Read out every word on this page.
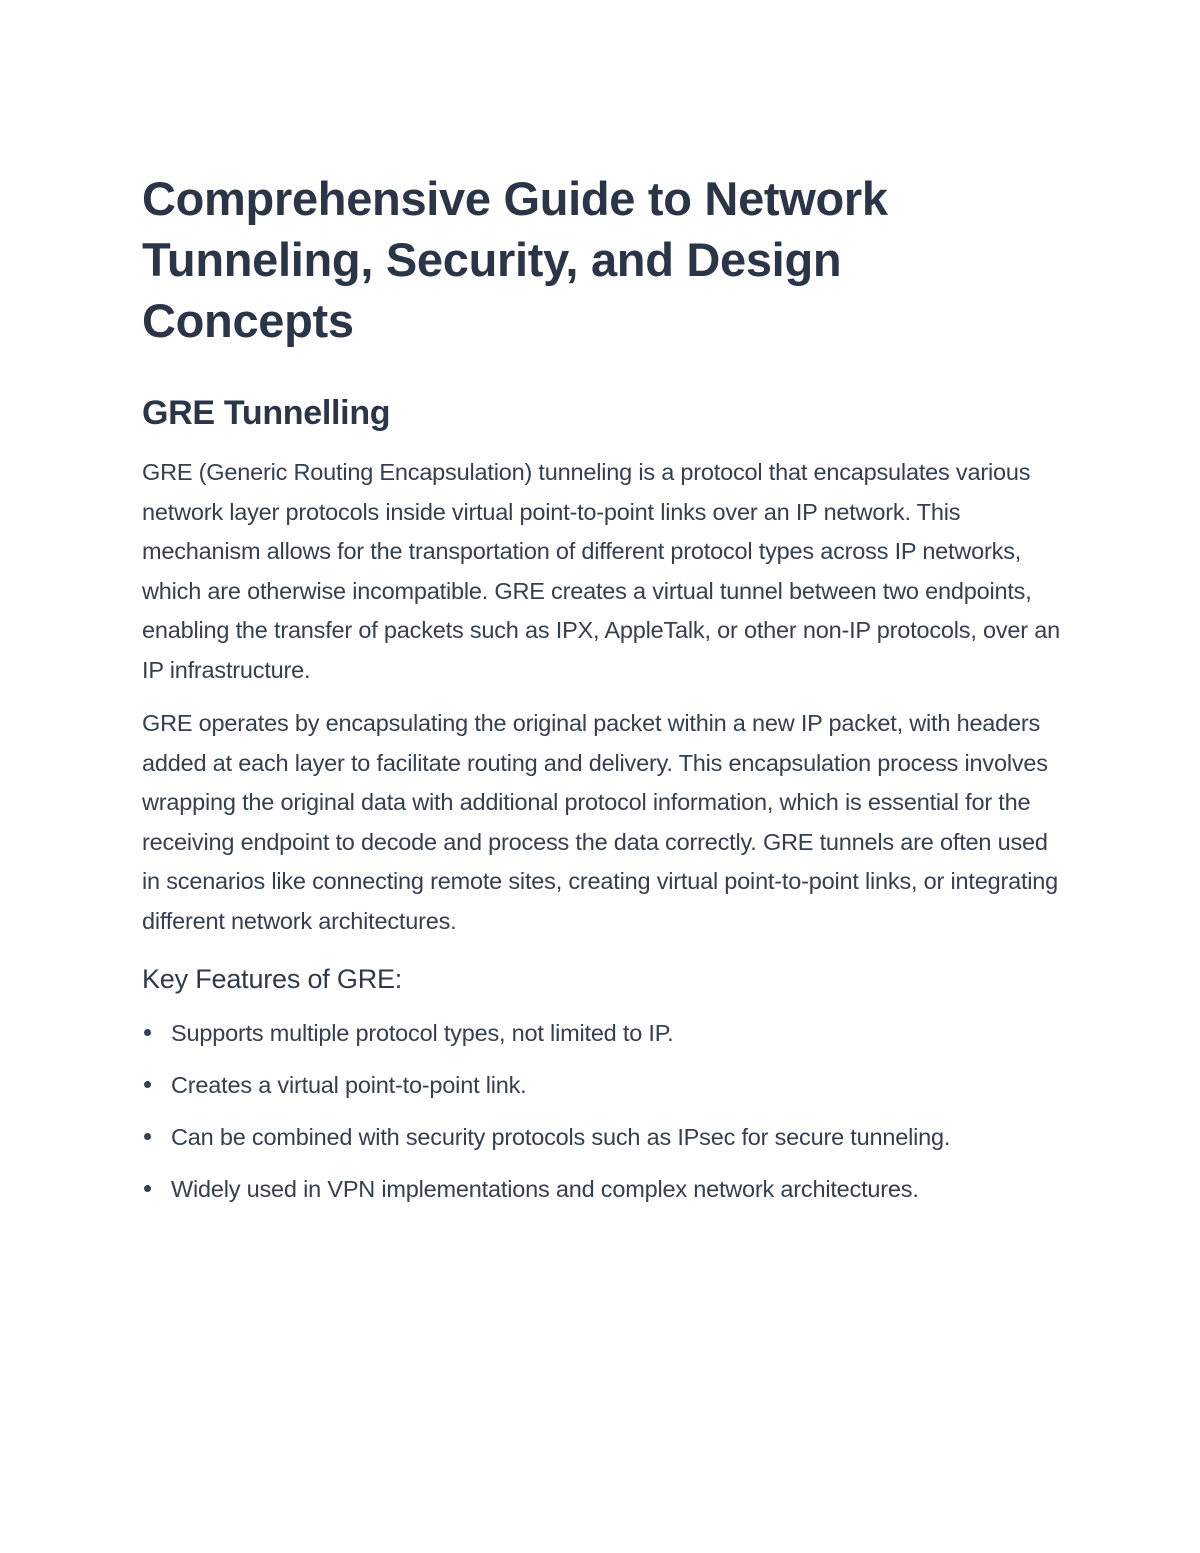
Comprehensive Guide to Network Tunneling, Security, and Design Concepts
GRE Tunnelling

GRE (Generic Routing Encapsulation) tunneling is a protocol that encapsulates various network layer protocols inside virtual point-to-point links over an IP network. This mechanism allows for the transportation of different protocol types across IP networks, which are otherwise incompatible. GRE creates a virtual tunnel between two endpoints, enabling the transfer of packets such as IPX, AppleTalk, or other non-IP protocols, over an IP infrastructure.

GRE operates by encapsulating the original packet within a new IP packet, with headers added at each layer to facilitate routing and delivery. This encapsulation process involves wrapping the original data with additional protocol information, which is essential for the receiving endpoint to decode and process the data correctly. GRE tunnels are often used in scenarios like connecting remote sites, creating virtual point-to-point links, or integrating different network architectures.

Key Features of GRE:
Supports multiple protocol types, not limited to IP.
Creates a virtual point-to-point link.
Can be combined with security protocols such as IPsec for secure tunneling.
Widely used in VPN implementations and complex network architectures.
